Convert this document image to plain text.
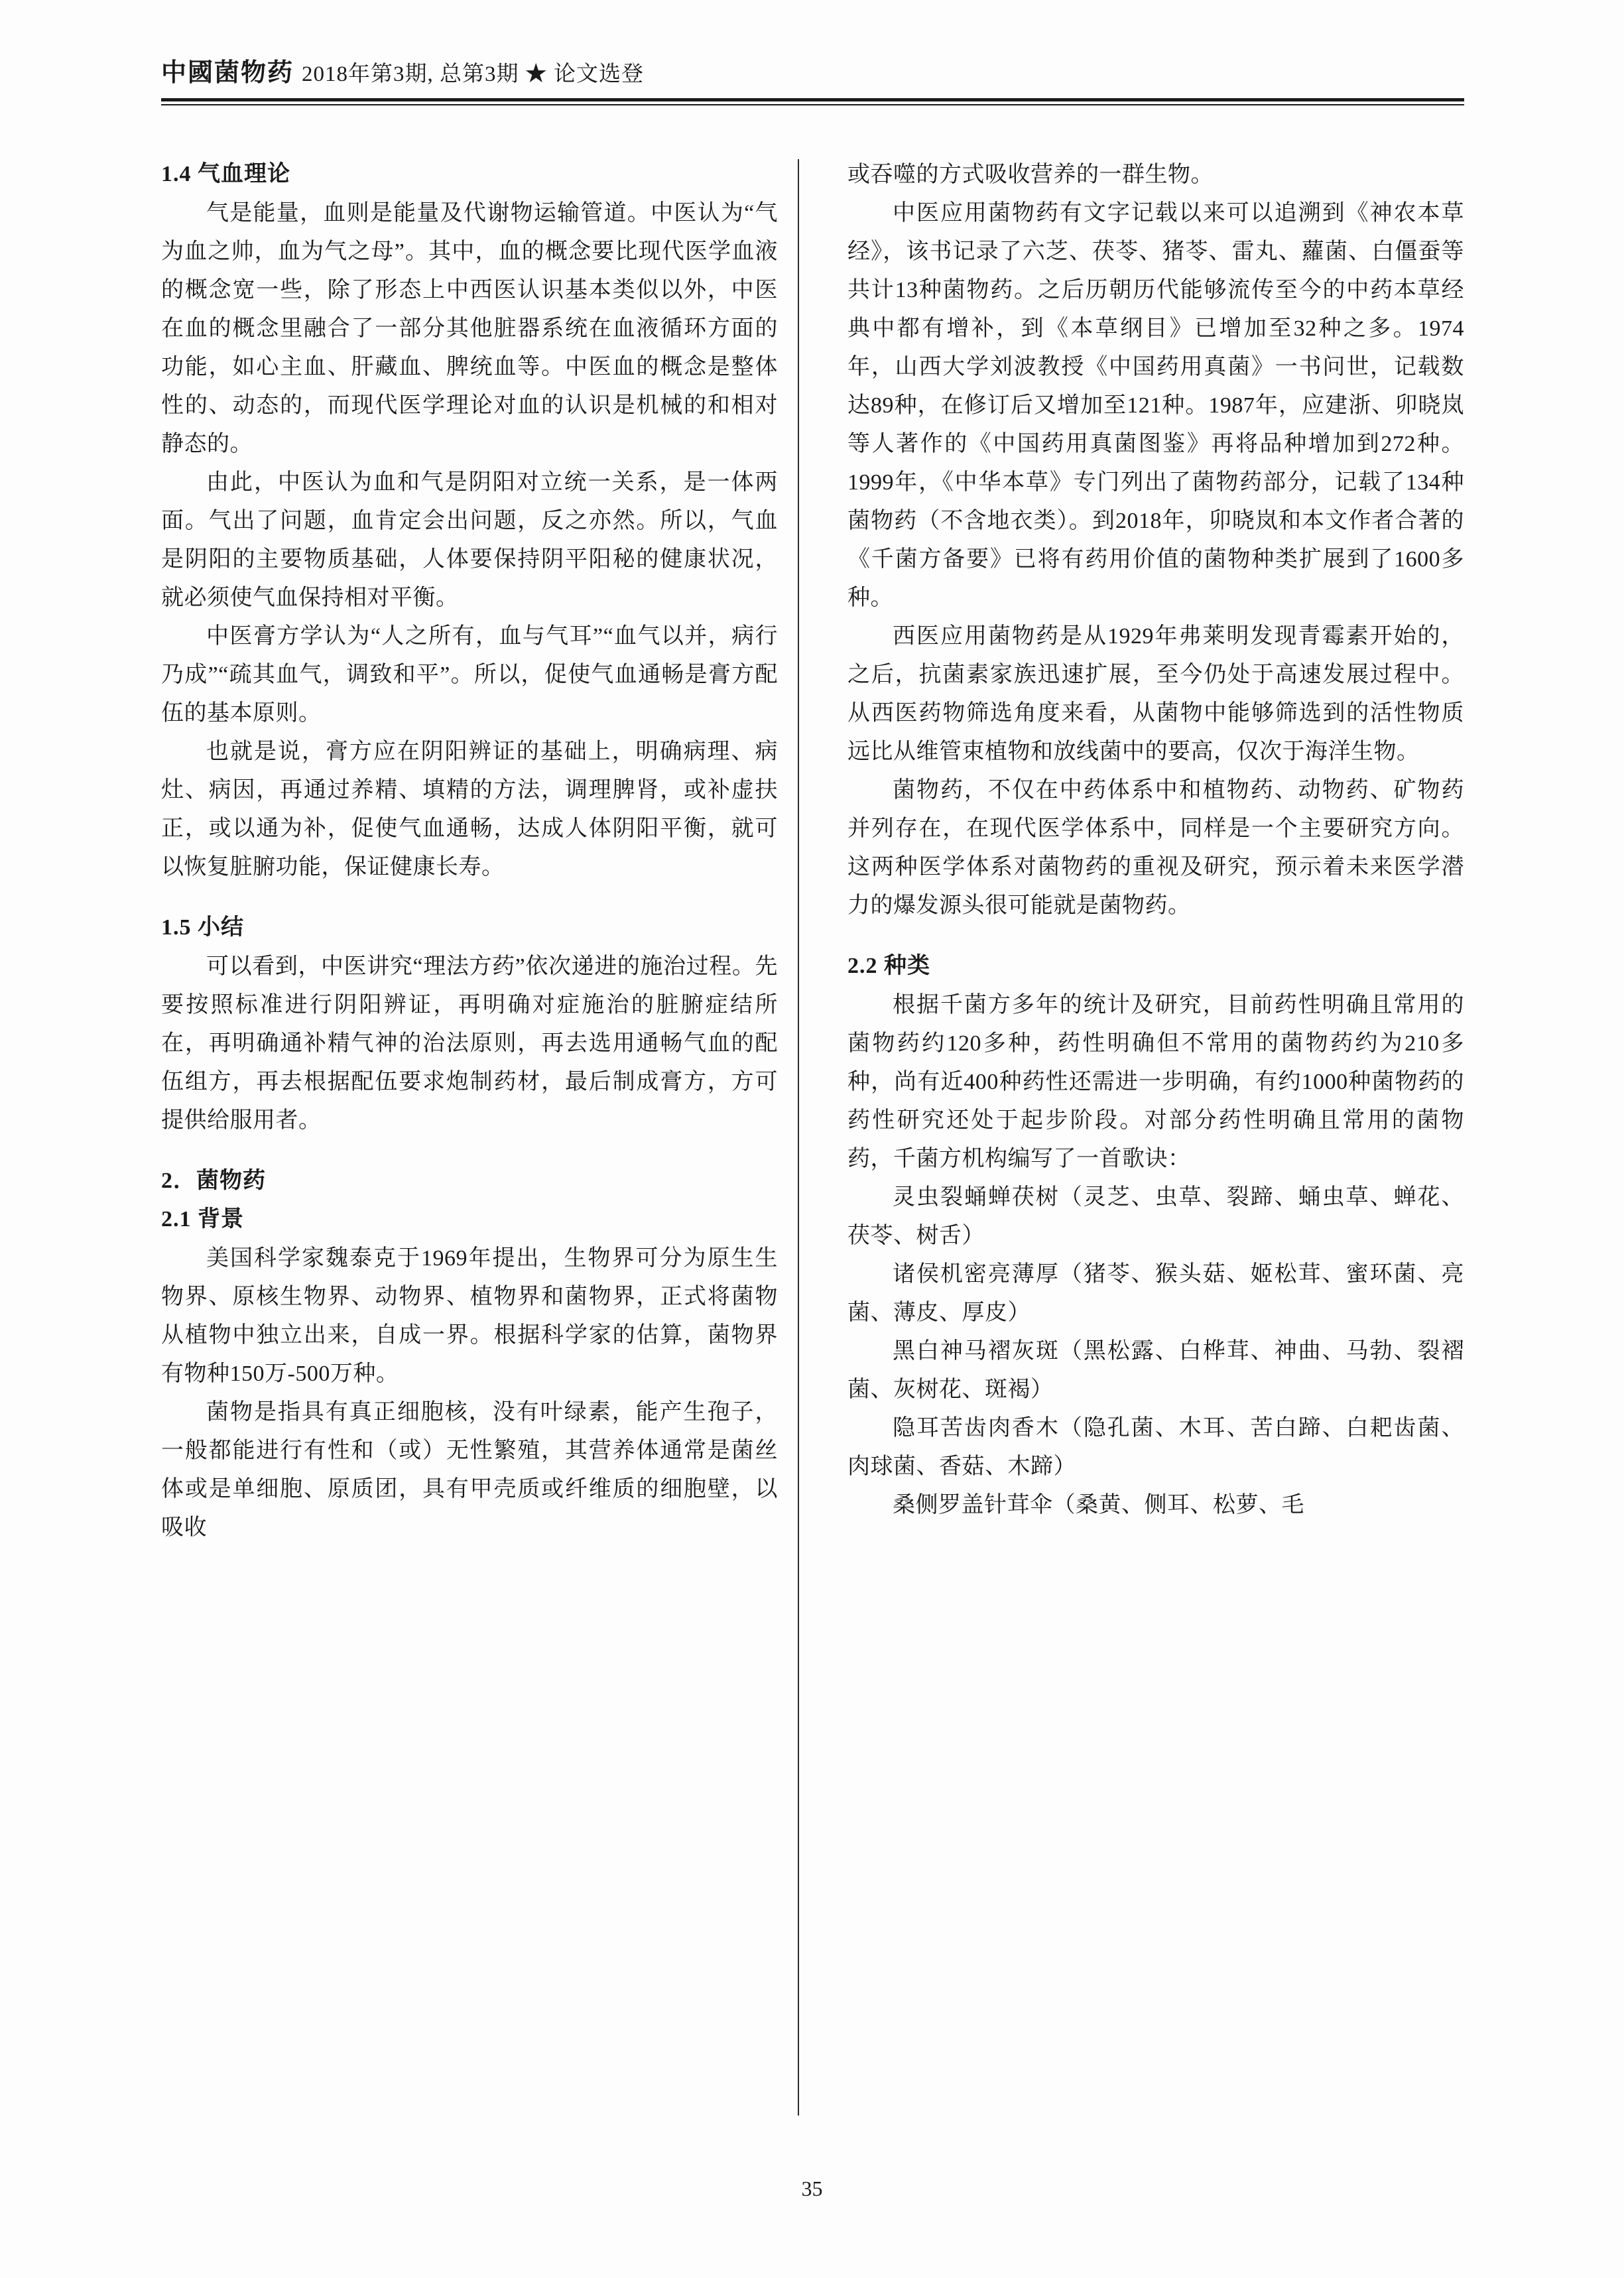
中國菌物药 2018年第3期, 总第3期 ★ 论文选登
1.4 气血理论

气是能量，血则是能量及代谢物运输管道。中医认为“气为血之帅，血为气之母”。其中，血的概念要比现代医学血液的概念宽一些，除了形态上中西医认识基本类似以外，中医在血的概念里融合了一部分其他脏器系统在血液循环方面的功能，如心主血、肝藏血、脾统血等。中医血的概念是整体性的、动态的，而现代医学理论对血的认识是机械的和相对静态的。

由此，中医认为血和气是阴阳对立统一关系，是一体两面。气出了问题，血肯定会出问题，反之亦然。所以，气血是阴阳的主要物质基础，人体要保持阴平阳秘的健康状况，就必须使气血保持相对平衡。

中医膏方学认为“人之所有，血与气耳”“血气以并，病行乃成”“疏其血气，调致和平”。所以，促使气血通畅是膏方配伍的基本原则。

也就是说，膏方应在阴阳辨证的基础上，明确病理、病灶、病因，再通过养精、填精的方法，调理脾肾，或补虚扶正，或以通为补，促使气血通畅，达成人体阴阳平衡，就可以恢复脏腑功能，保证健康长寿。

1.5 小结

可以看到，中医讲究“理法方药”依次递进的施治过程。先要按照标准进行阴阳辨证，再明确对症施治的脏腑症结所在，再明确通补精气神的治法原则，再去选用通畅气血的配伍组方，再去根据配伍要求炮制药材，最后制成膏方，方可提供给服用者。

2．菌物药
2.1 背景

美国科学家魏泰克于1969年提出，生物界可分为原生生物界、原核生物界、动物界、植物界和菌物界，正式将菌物从植物中独立出来，自成一界。根据科学家的估算，菌物界有物种150万-500万种。

菌物是指具有真正细胞核，没有叶绿素，能产生孢子，一般都能进行有性和（或）无性繁殖，其营养体通常是菌丝体或是单细胞、原质团，具有甲壳质或纤维质的细胞壁，以吸收

或吞噬的方式吸收营养的一群生物。

中医应用菌物药有文字记载以来可以追溯到《神农本草经》，该书记录了六芝、茯苓、猪苓、雷丸、蘿菌、白僵蚕等共计13种菌物药。之后历朝历代能够流传至今的中药本草经典中都有增补，到《本草纲目》已增加至32种之多。1974年，山西大学刘波教授《中国药用真菌》一书问世，记载数达89种，在修订后又增加至121种。1987年，应建浙、卯晓岚等人著作的《中国药用真菌图鉴》再将品种增加到272种。1999年，《中华本草》专门列出了菌物药部分，记载了134种菌物药（不含地衣类）。到2018年，卯晓岚和本文作者合著的《千菌方备要》已将有药用价值的菌物种类扩展到了1600多种。

西医应用菌物药是从1929年弗莱明发现青霉素开始的，之后，抗菌素家族迅速扩展，至今仍处于高速发展过程中。从西医药物筛选角度来看，从菌物中能够筛选到的活性物质远比从维管束植物和放线菌中的要高，仅次于海洋生物。

菌物药，不仅在中药体系中和植物药、动物药、矿物药并列存在，在现代医学体系中，同样是一个主要研究方向。这两种医学体系对菌物药的重视及研究，预示着未来医学潜力的爆发源头很可能就是菌物药。

2.2 种类

根据千菌方多年的统计及研究，目前药性明确且常用的菌物药约120多种，药性明确但不常用的菌物药约为210多种，尚有近400种药性还需进一步明确，有约1000种菌物药的药性研究还处于起步阶段。对部分药性明确且常用的菌物药，千菌方机构编写了一首歌诀：

灵虫裂蛹蝉茯树（灵芝、虫草、裂蹄、蛹虫草、蝉花、茯苓、树舌）

诸侯机密亮薄厚（猪苓、猴头菇、姬松茸、蜜环菌、亮菌、薄皮、厚皮）

黑白神马褶灰斑（黑松露、白桦茸、神曲、马勃、裂褶菌、灰树花、斑褐）

隐耳苦齿肉香木（隐孔菌、木耳、苦白蹄、白耙齿菌、肉球菌、香菇、木蹄）

桑侧罗盖针茸伞（桑黄、侧耳、松萝、毛

35
